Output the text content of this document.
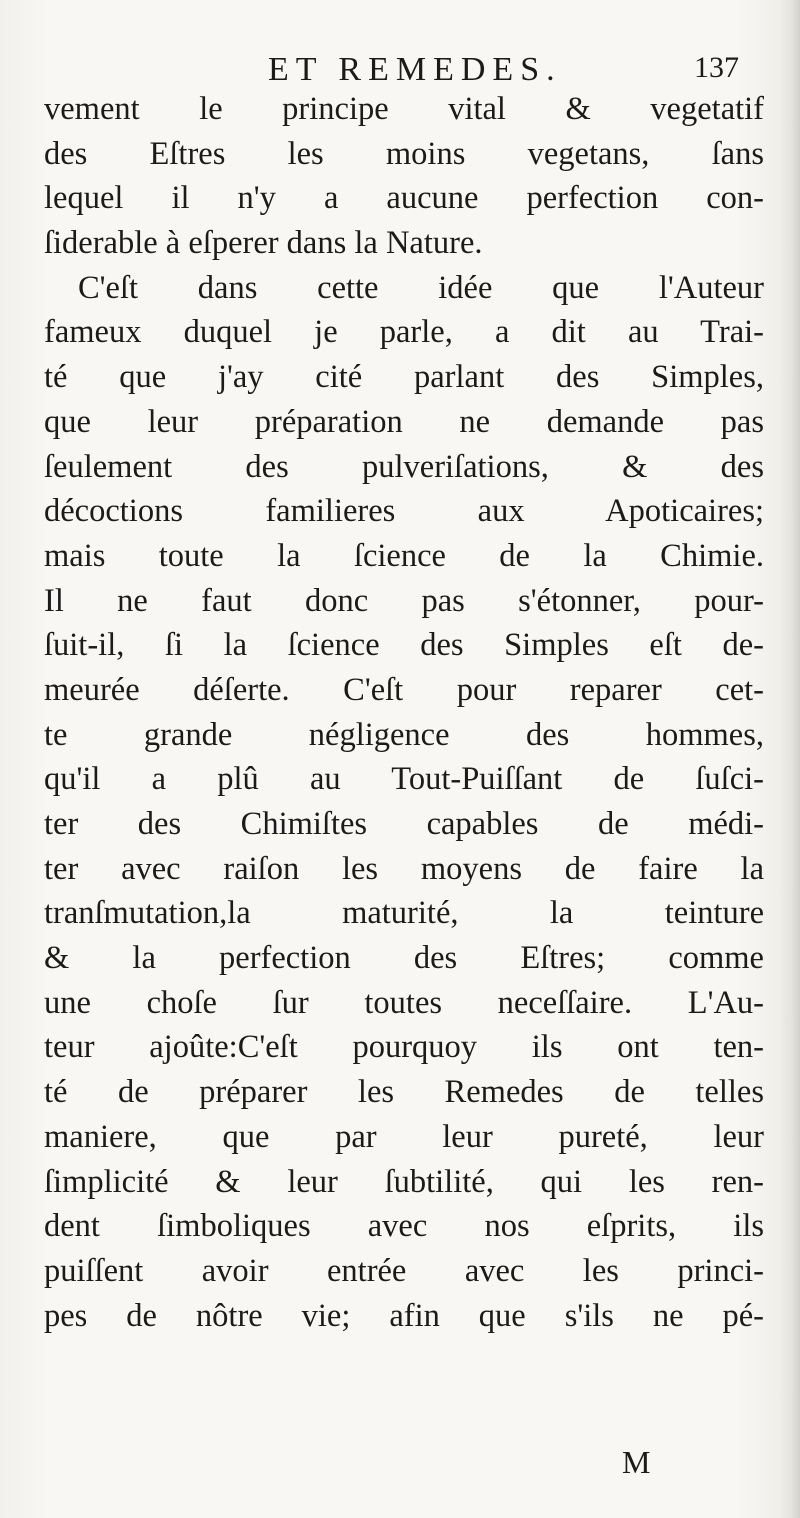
ET REMEDES.	137
vement le principe vital & vegetatif
des Eſtres les moins vegetans, ſans
lequel il n'y a aucune perfection con-
ſiderable à eſperer dans la Nature.
C'eſt dans cette idée que l'Auteur
fameux duquel je parle, a dit au Trai-
té que j'ay cité parlant des Simples,
que leur préparation ne demande pas
ſeulement des pulveriſations, & des
décoctions familieres aux Apoticaires;
mais toute la ſcience de la Chimie.
Il ne faut donc pas s'étonner, pour-
ſuit-il, ſi la ſcience des Simples eſt de-
meurée déſerte. C'eſt pour reparer cet-
te grande négligence des hommes,
qu'il a plû au Tout-Puiſſant de ſuſci-
ter des Chimiſtes capables de médi-
ter avec raiſon les moyens de faire la
tranſmutation,la maturité, la teinture
& la perfection des Eſtres; comme
une choſe ſur toutes neceſſaire. L'Au-
teur ajoûte:C'eſt pourquoy ils ont ten-
té de préparer les Remedes de telles
maniere, que par leur pureté, leur
ſimplicité & leur ſubtilité, qui les ren-
dent ſimboliques avec nos eſprits, ils
puiſſent avoir entrée avec les princi-
pes de nôtre vie; afin que s'ils ne pé-
M
